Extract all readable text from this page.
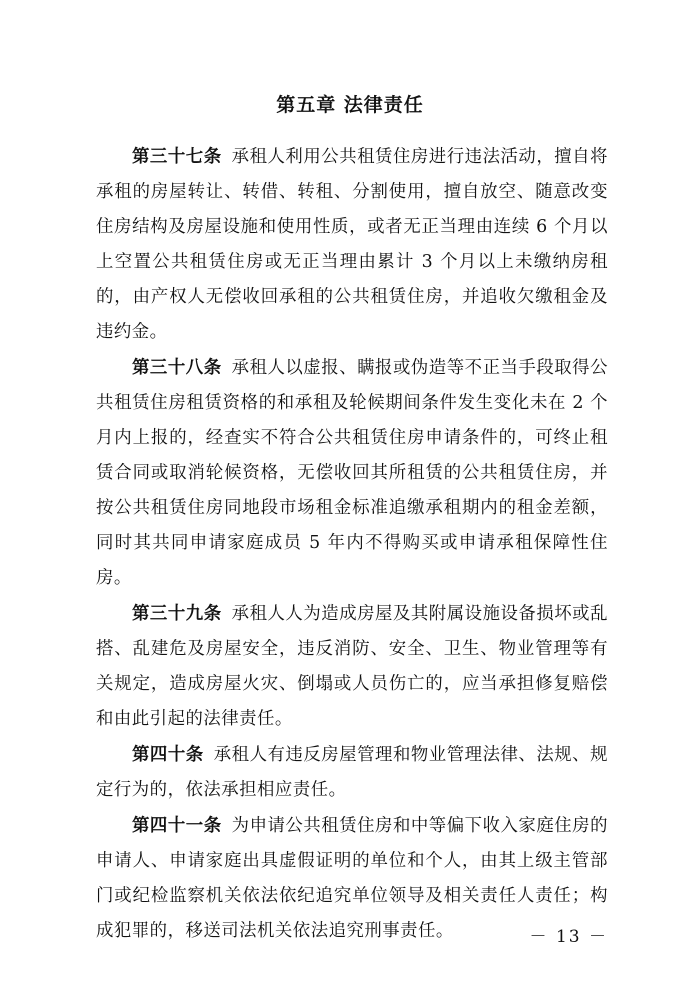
第五章 法律责任

第三十七条 承租人利用公共租赁住房进行违法活动，擅自将承租的房屋转让、转借、转租、分割使用，擅自放空、随意改变住房结构及房屋设施和使用性质，或者无正当理由连续 6 个月以上空置公共租赁住房或无正当理由累计 3 个月以上未缴纳房租的，由产权人无偿收回承租的公共租赁住房，并追收欠缴租金及违约金。

第三十八条 承租人以虚报、瞒报或伪造等不正当手段取得公共租赁住房租赁资格的和承租及轮候期间条件发生变化未在 2 个月内上报的，经查实不符合公共租赁住房申请条件的，可终止租赁合同或取消轮候资格，无偿收回其所租赁的公共租赁住房，并按公共租赁住房同地段市场租金标准追缴承租期内的租金差额，同时其共同申请家庭成员 5 年内不得购买或申请承租保障性住房。

第三十九条 承租人人为造成房屋及其附属设施设备损坏或乱搭、乱建危及房屋安全，违反消防、安全、卫生、物业管理等有关规定，造成房屋火灾、倒塌或人员伤亡的，应当承担修复赔偿和由此引起的法律责任。

第四十条 承租人有违反房屋管理和物业管理法律、法规、规定行为的，依法承担相应责任。

第四十一条 为申请公共租赁住房和中等偏下收入家庭住房的申请人、申请家庭出具虚假证明的单位和个人，由其上级主管部门或纪检监察机关依法依纪追究单位领导及相关责任人责任；构成犯罪的，移送司法机关依法追究刑事责任。	－ 13 －
